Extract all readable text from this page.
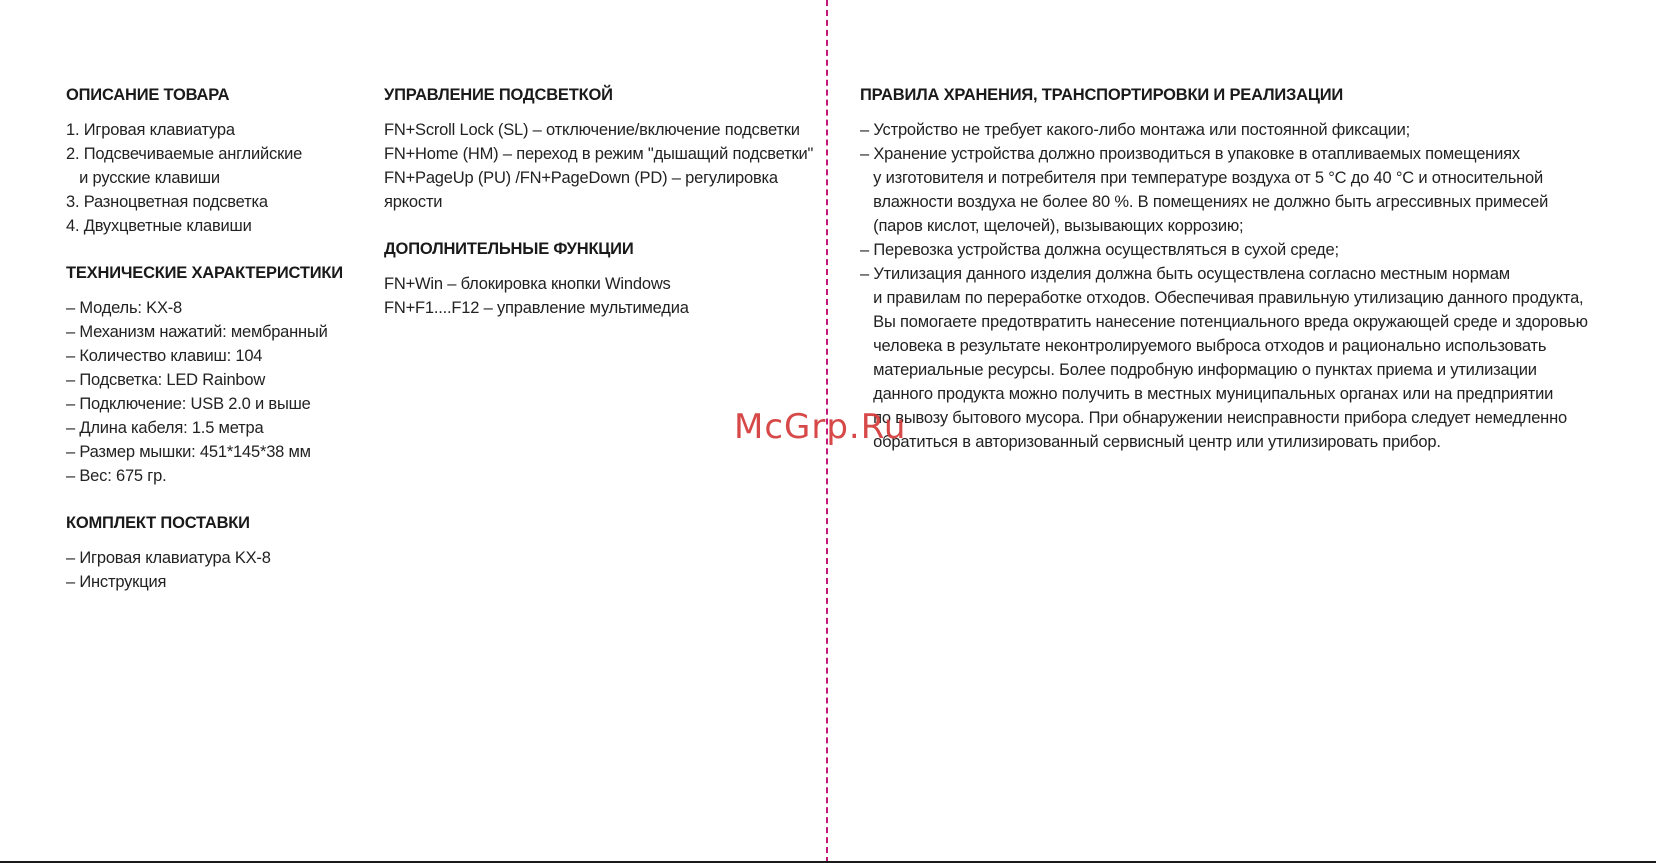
ОПИСАНИЕ ТОВАРА
1. Игровая клавиатура
2. Подсвечиваемые английские
и русские клавиши
3. Разноцветная подсветка
4. Двухцветные клавиши
ТЕХНИЧЕСКИЕ ХАРАКТЕРИСТИКИ
– Модель: KX-8
– Механизм нажатий: мембранный
– Количество клавиш: 104
– Подсветка: LED Rainbow
– Подключение: USB 2.0 и выше
– Длина кабеля: 1.5 метра
– Размер мышки: 451*145*38 мм
– Вес: 675 гр.
КОМПЛЕКТ ПОСТАВКИ
– Игровая клавиатура KX-8
– Инструкция
УПРАВЛЕНИЕ ПОДСВЕТКОЙ
FN+Scroll Lock (SL) – отключение/включение подсветки
FN+Home (HM) – переход в режим "дышащий подсветки"
FN+PageUp (PU) /FN+PageDown (PD) – регулировка
яркости
ДОПОЛНИТЕЛЬНЫЕ ФУНКЦИИ
FN+Win – блокировка кнопки Windows
FN+F1....F12 – управление мультимедиа
ПРАВИЛА ХРАНЕНИЯ, ТРАНСПОРТИРОВКИ И РЕАЛИЗАЦИИ
– Устройство не требует какого-либо монтажа или постоянной фиксации;
– Хранение устройства должно производиться в упаковке в отапливаемых помещениях
у изготовителя и потребителя при температуре воздуха от 5 °С до 40 °С и относительной
влажности воздуха не более 80 %. В помещениях не должно быть агрессивных примесей
(паров кислот, щелочей), вызывающих коррозию;
– Перевозка устройства должна осуществляться в сухой среде;
– Утилизация данного изделия должна быть осуществлена согласно местным нормам
и правилам по переработке отходов. Обеспечивая правильную утилизацию данного продукта,
Вы помогаете предотвратить нанесение потенциального вреда окружающей среде и здоровью
человека в результате неконтролируемого выброса отходов и рационально использовать
материальные ресурсы. Более подробную информацию о пунктах приема и утилизации
данного продукта можно получить в местных муниципальных органах или на предприятии
по вывозу бытового мусора. При обнаружении неисправности прибора следует немедленно
обратиться в авторизованный сервисный центр или утилизировать прибор.
McGrp.Ru
